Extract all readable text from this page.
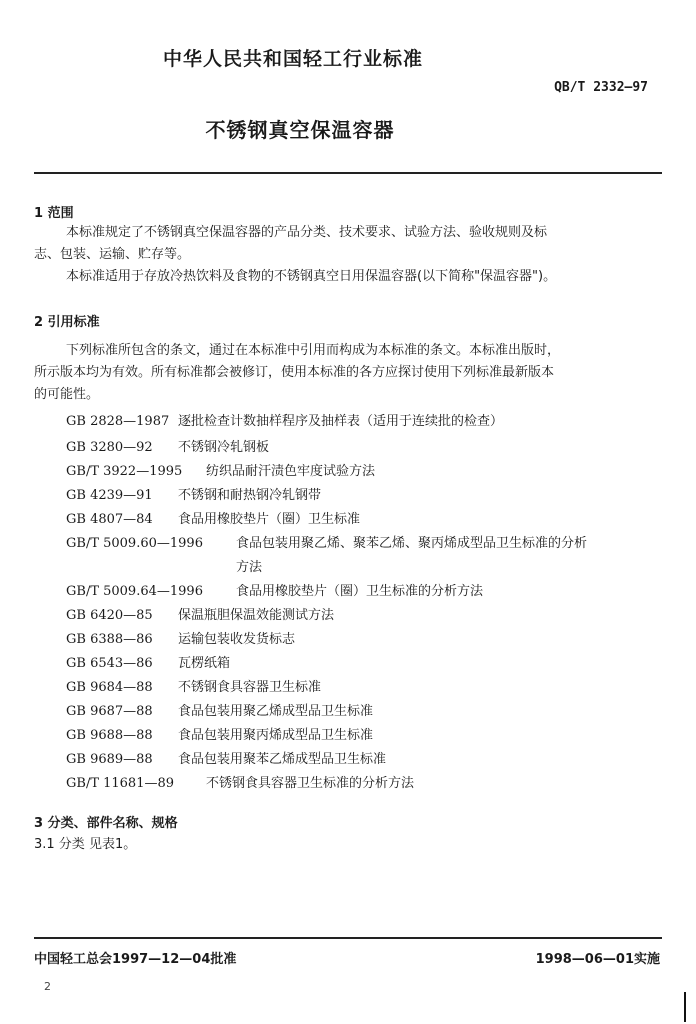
中华人民共和国轻工行业标准
QB/T 2332—97
不锈钢真空保温容器
1 范围
本标准规定了不锈钢真空保温容器的产品分类、技术要求、试验方法、验收规则及标
志、包装、运输、贮存等。
本标准适用于存放冷热饮料及食物的不锈钢真空日用保温容器(以下简称"保温容器")。
2 引用标准
下列标准所包含的条文，通过在本标准中引用而构成为本标准的条文。本标准出版时，
所示版本均为有效。所有标准都会被修订，使用本标准的各方应探讨使用下列标准最新版本
的可能性。
GB 2828—1987 逐批检查计数抽样程序及抽样表（适用于连续批的检查）
GB 3280—92 不锈钢冷轧钢板
GB/T 3922—1995 纺织品耐汗渍色牢度试验方法
GB 4239—91 不锈钢和耐热钢冷轧钢带
GB 4807—84 食品用橡胶垫片（圈）卫生标准
GB/T 5009.60—1996	食品包装用聚乙烯、聚苯乙烯、聚丙烯成型品卫生标准的分析
方法
GB/T 5009.64—1996	食品用橡胶垫片（圈）卫生标准的分析方法
GB 6420—85 保温瓶胆保温效能测试方法
GB 6388—86 运输包装收发货标志
GB 6543—86 瓦楞纸箱
GB 9684—88 不锈钢食具容器卫生标准
GB 9687—88 食品包装用聚乙烯成型品卫生标准
GB 9688—88 食品包装用聚丙烯成型品卫生标准
GB 9689—88 食品包装用聚苯乙烯成型品卫生标准
GB/T 11681—89 不锈钢食具容器卫生标准的分析方法
3 分类、部件名称、规格
3.1 分类 见表1。
中国轻工总会1997—12—04批准	1998—06—01实施
2
